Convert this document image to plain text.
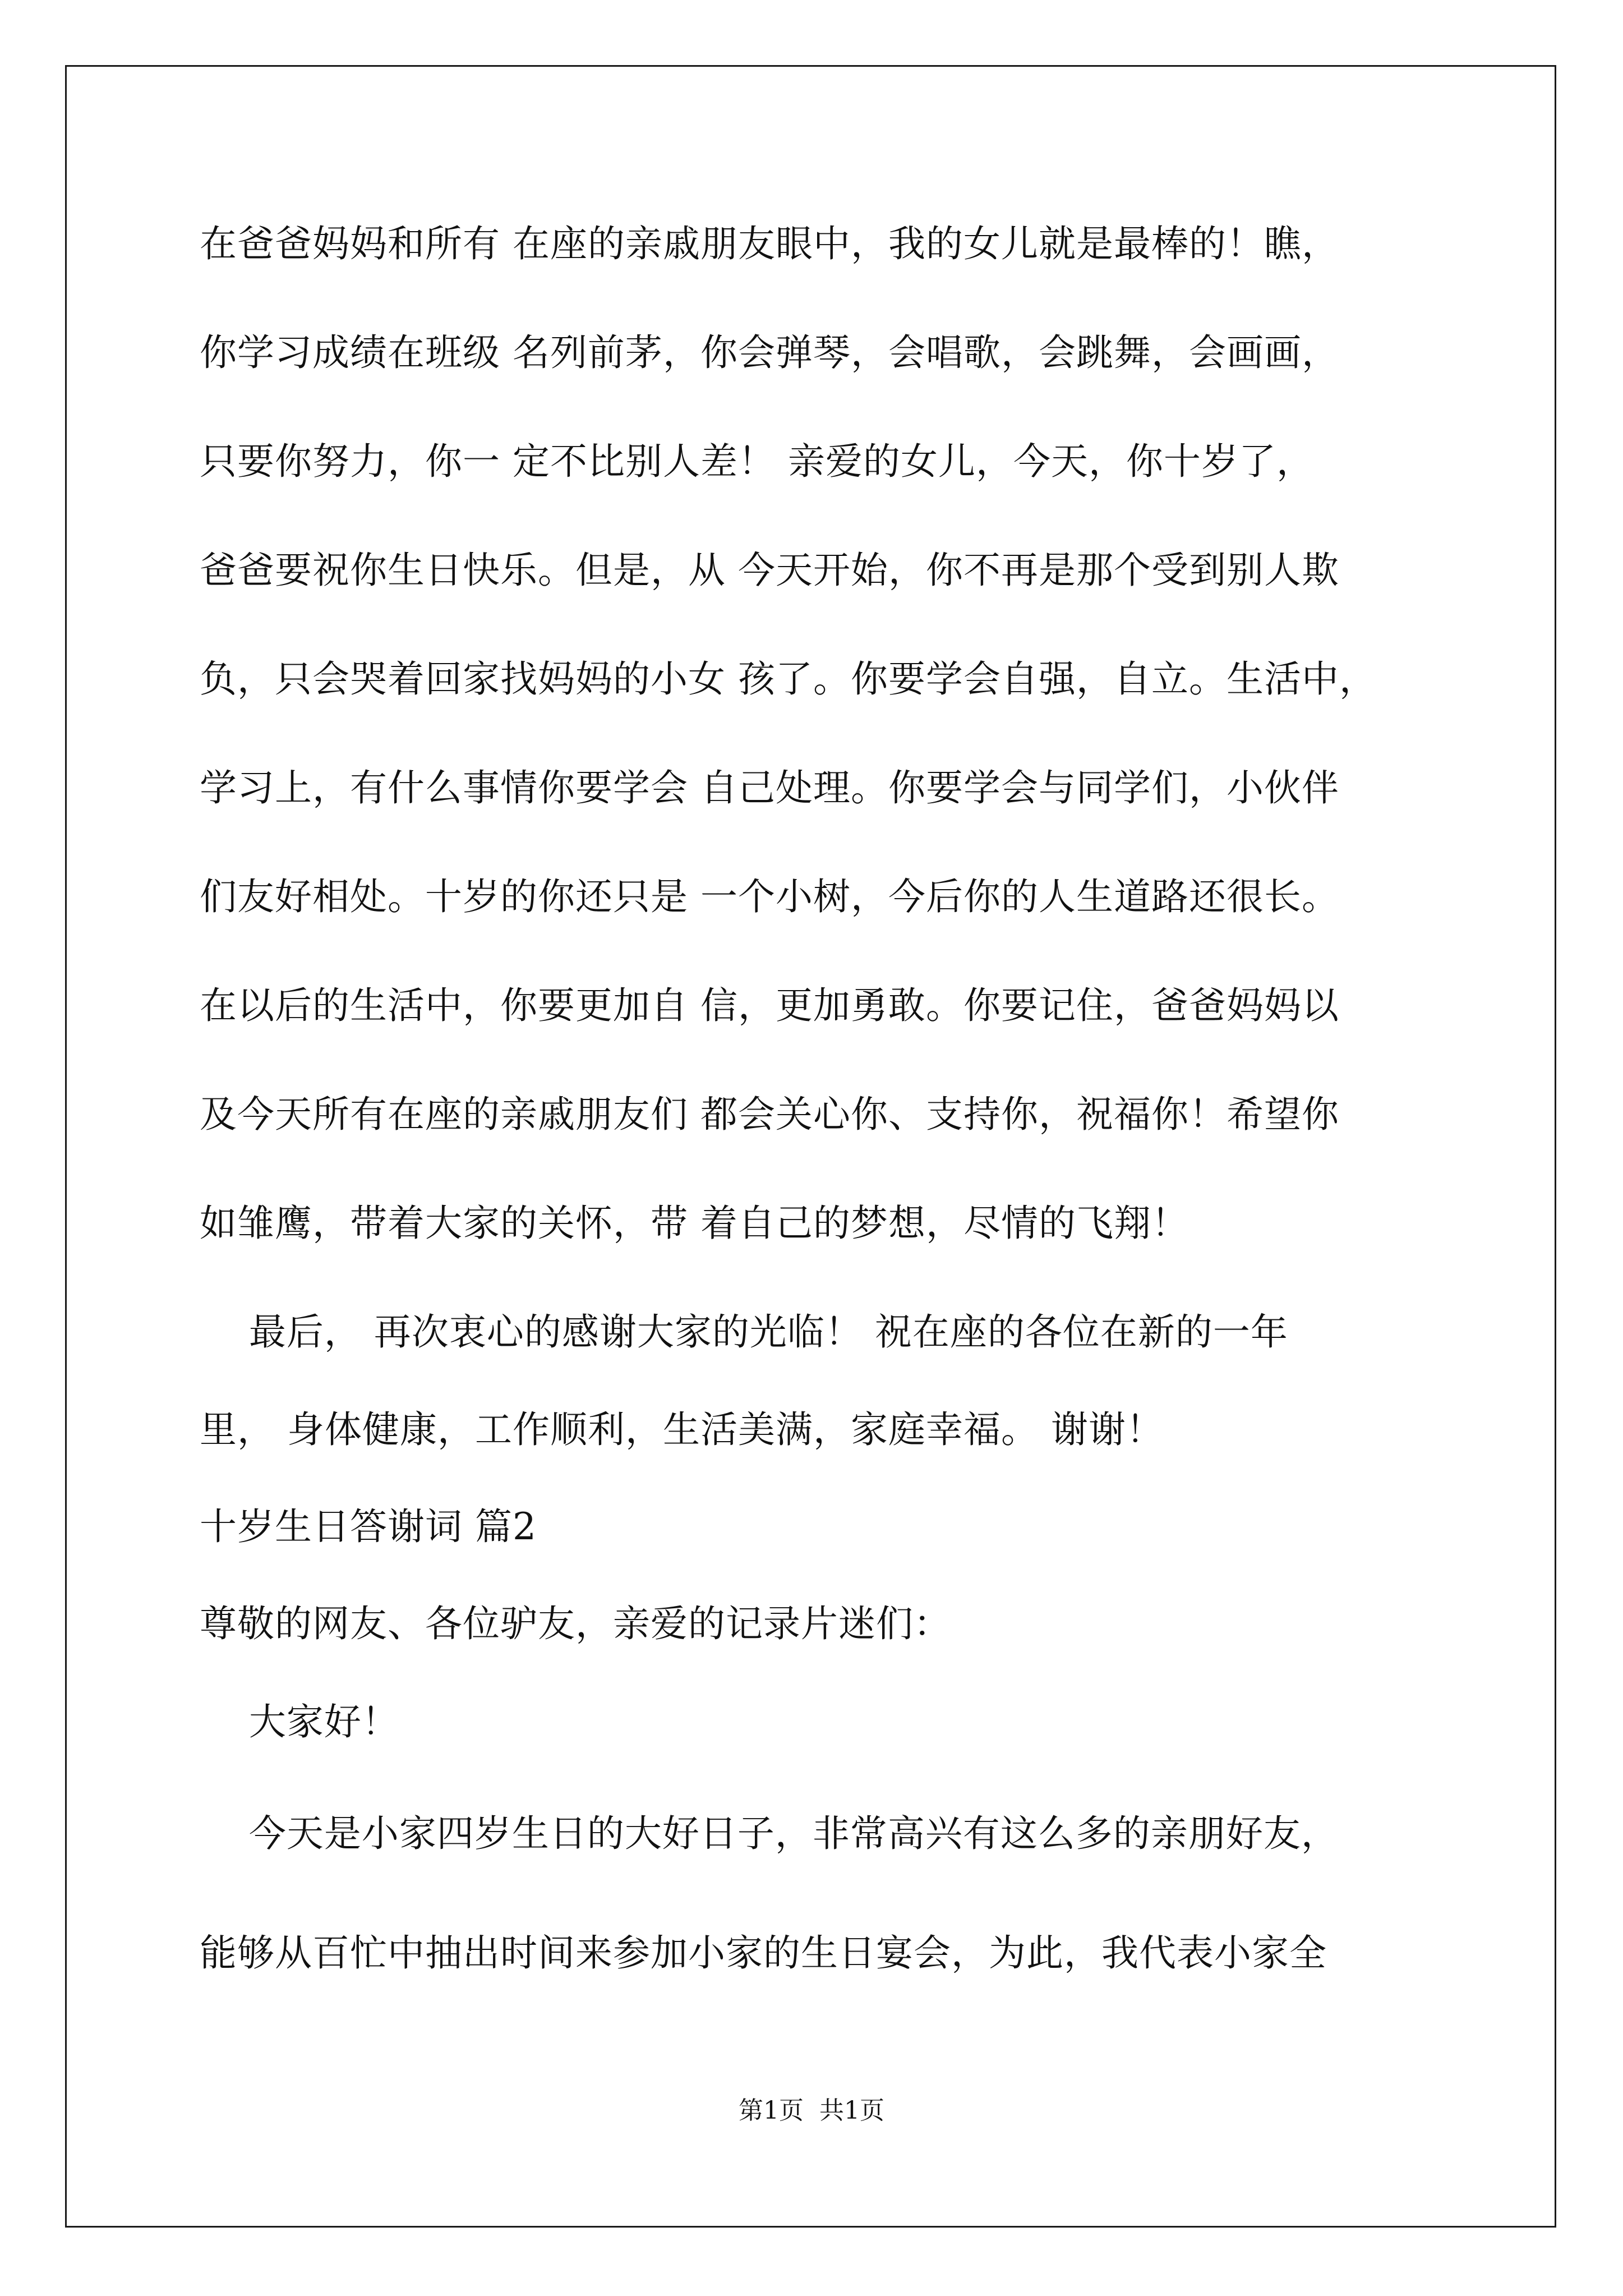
在爸爸妈妈和所有 在座的亲戚朋友眼中，我的女儿就是最棒的！瞧，
你学习成绩在班级 名列前茅，你会弹琴，会唱歌，会跳舞，会画画，
只要你努力，你一 定不比别人差！ 亲爱的女儿，今天，你十岁了，
爸爸要祝你生日快乐。但是，从 今天开始，你不再是那个受到别人欺
负，只会哭着回家找妈妈的小女 孩了。你要学会自强，自立。生活中，
学习上，有什么事情你要学会 自己处理。你要学会与同学们，小伙伴
们友好相处。十岁的你还只是 一个小树，今后你的人生道路还很长。
在以后的生活中，你要更加自 信，更加勇敢。你要记住，爸爸妈妈以
及今天所有在座的亲戚朋友们 都会关心你、支持你，祝福你！希望你
如雏鹰，带着大家的关怀，带 着自己的梦想，尽情的飞翔！
最后， 再次衷心的感谢大家的光临！ 祝在座的各位在新的一年
里， 身体健康，工作顺利，生活美满，家庭幸福。 谢谢！
十岁生日答谢词 篇2
尊敬的网友、各位驴友，亲爱的记录片迷们：
大家好！
今天是小家四岁生日的大好日子，非常高兴有这么多的亲朋好友，
能够从百忙中抽出时间来参加小家的生日宴会，为此，我代表小家全
第1页  共1页
